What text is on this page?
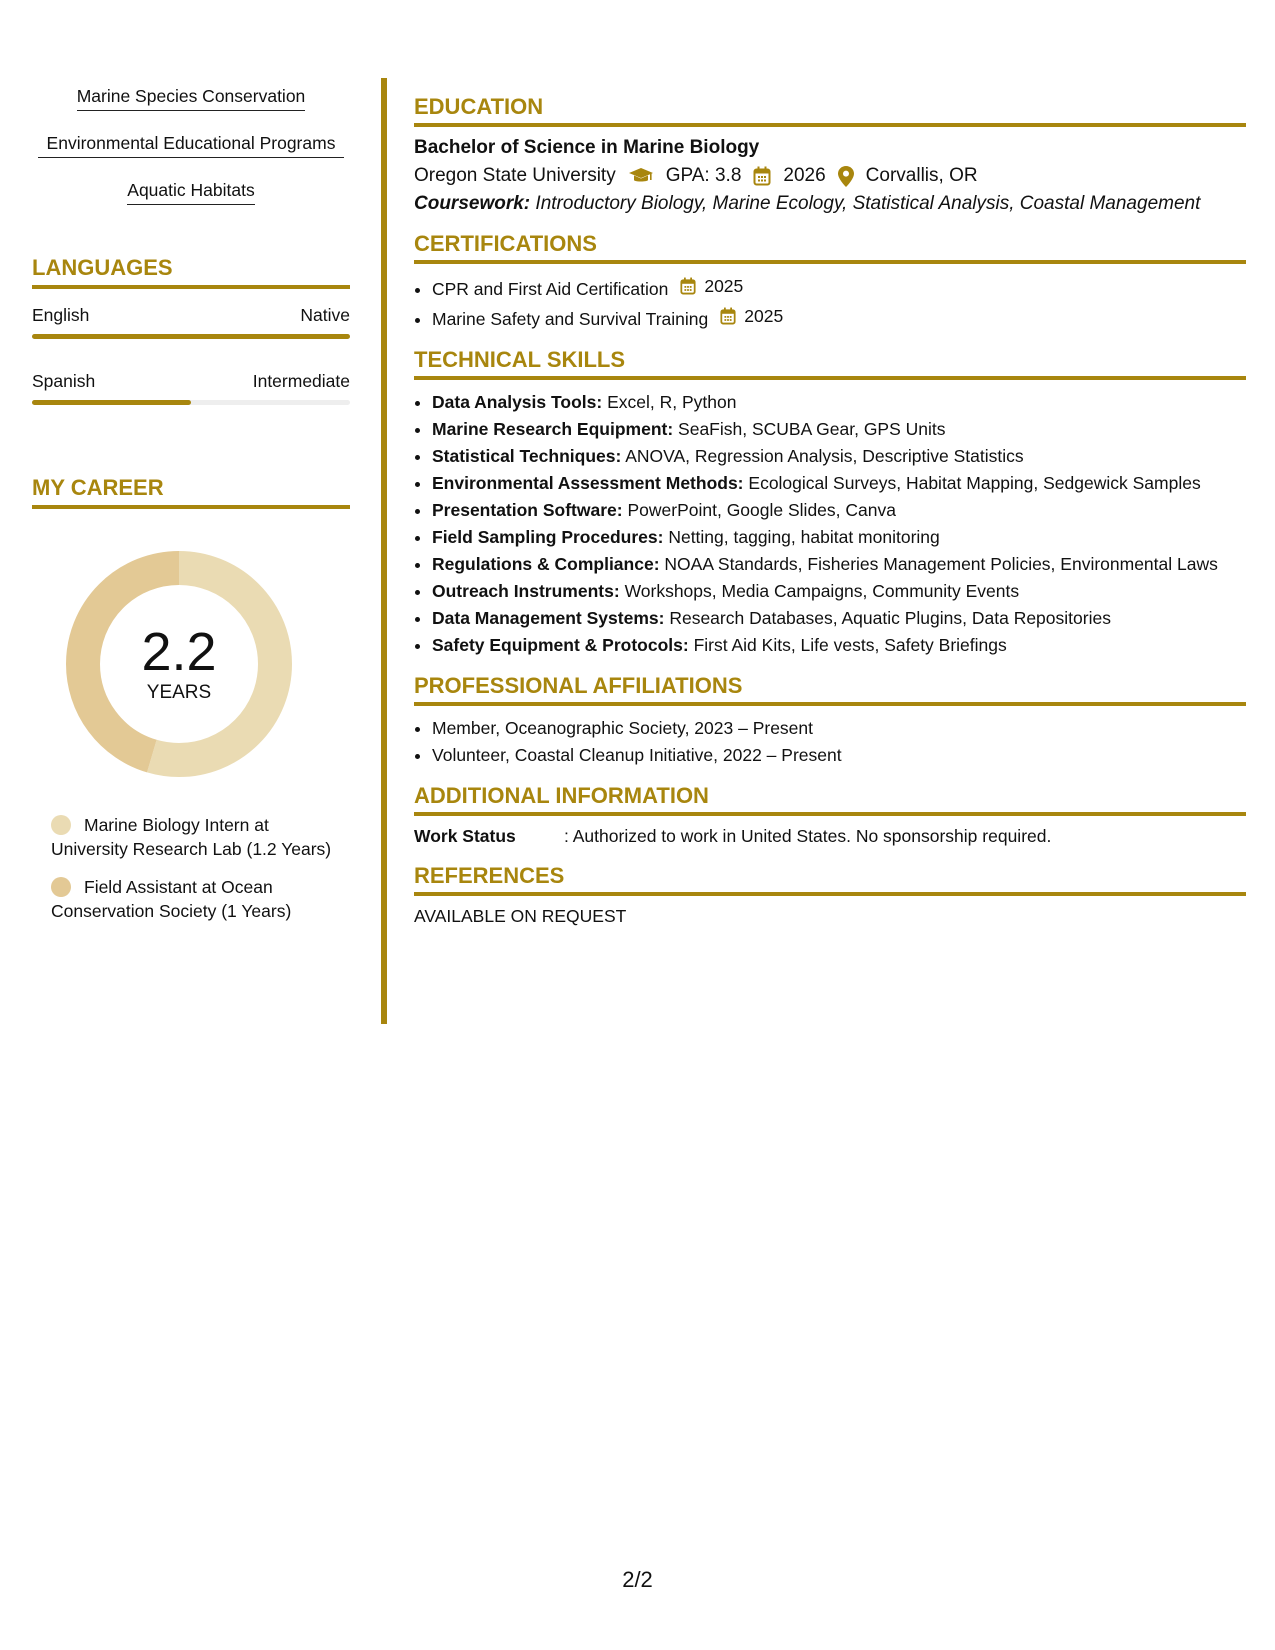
Marine Species Conservation
Environmental Educational Programs
Aquatic Habitats
LANGUAGES
English	Native
Spanish	Intermediate
MY CAREER
2.2
YEARS
Marine Biology Intern at University Research Lab (1.2 Years)
Field Assistant at Ocean Conservation Society (1 Years)
EDUCATION
Bachelor of Science in Marine Biology
Oregon State University	GPA: 3.8 2026 Corvallis, OR
Coursework: Introductory Biology, Marine Ecology, Statistical Analysis, Coastal Management
CERTIFICATIONS
• CPR and First Aid Certification 2025
• Marine Safety and Survival Training 2025
TECHNICAL SKILLS
• Data Analysis Tools: Excel, R, Python
• Marine Research Equipment: SeaFish, SCUBA Gear, GPS Units
• Statistical Techniques: ANOVA, Regression Analysis, Descriptive Statistics
• Environmental Assessment Methods: Ecological Surveys, Habitat Mapping, Sedgewick Samples
• Presentation Software: PowerPoint, Google Slides, Canva
• Field Sampling Procedures: Netting, tagging, habitat monitoring
• Regulations & Compliance: NOAA Standards, Fisheries Management Policies, Environmental Laws
• Outreach Instruments: Workshops, Media Campaigns, Community Events
• Data Management Systems: Research Databases, Aquatic Plugins, Data Repositories
• Safety Equipment & Protocols: First Aid Kits, Life vests, Safety Briefings
PROFESSIONAL AFFILIATIONS
• Member, Oceanographic Society, 2023 – Present
• Volunteer, Coastal Cleanup Initiative, 2022 – Present
ADDITIONAL INFORMATION
Work Status	: Authorized to work in United States. No sponsorship required.
REFERENCES
AVAILABLE ON REQUEST
2/2
